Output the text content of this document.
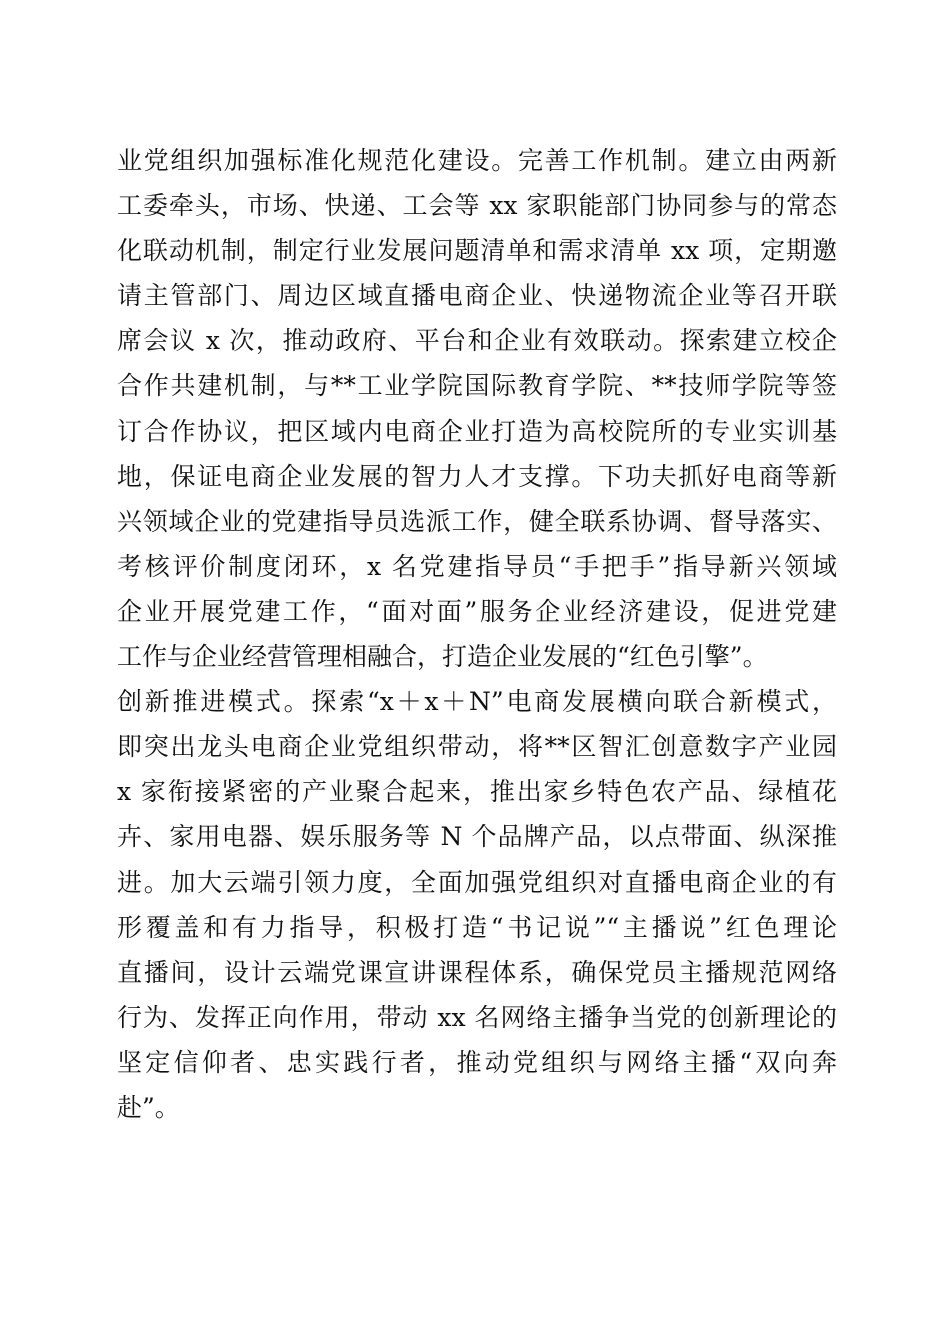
业党组织加强标准化规范化建设。完善工作机制。建立由两新
工委牵头，市场、快递、工会等 xx 家职能部门协同参与的常态
化联动机制，制定行业发展问题清单和需求清单 xx 项，定期邀
请主管部门、周边区域直播电商企业、快递物流企业等召开联
席会议 x 次，推动政府、平台和企业有效联动。探索建立校企
合作共建机制，与**工业学院国际教育学院、**技师学院等签
订合作协议，把区域内电商企业打造为高校院所的专业实训基
地，保证电商企业发展的智力人才支撑。下功夫抓好电商等新
兴领域企业的党建指导员选派工作，健全联系协调、督导落实、
考核评价制度闭环，x 名党建指导员“手把手”指导新兴领域
企业开展党建工作，“面对面”服务企业经济建设，促进党建
工作与企业经营管理相融合，打造企业发展的“红色引擎”。
创新推进模式。探索“x＋x＋N”电商发展横向联合新模式，
即突出龙头电商企业党组织带动，将**区智汇创意数字产业园
x 家衔接紧密的产业聚合起来，推出家乡特色农产品、绿植花
卉、家用电器、娱乐服务等 N 个品牌产品，以点带面、纵深推
进。加大云端引领力度，全面加强党组织对直播电商企业的有
形覆盖和有力指导，积极打造“书记说”“主播说”红色理论
直播间，设计云端党课宣讲课程体系，确保党员主播规范网络
行为、发挥正向作用，带动 xx 名网络主播争当党的创新理论的
坚定信仰者、忠实践行者，推动党组织与网络主播“双向奔
赴”。
